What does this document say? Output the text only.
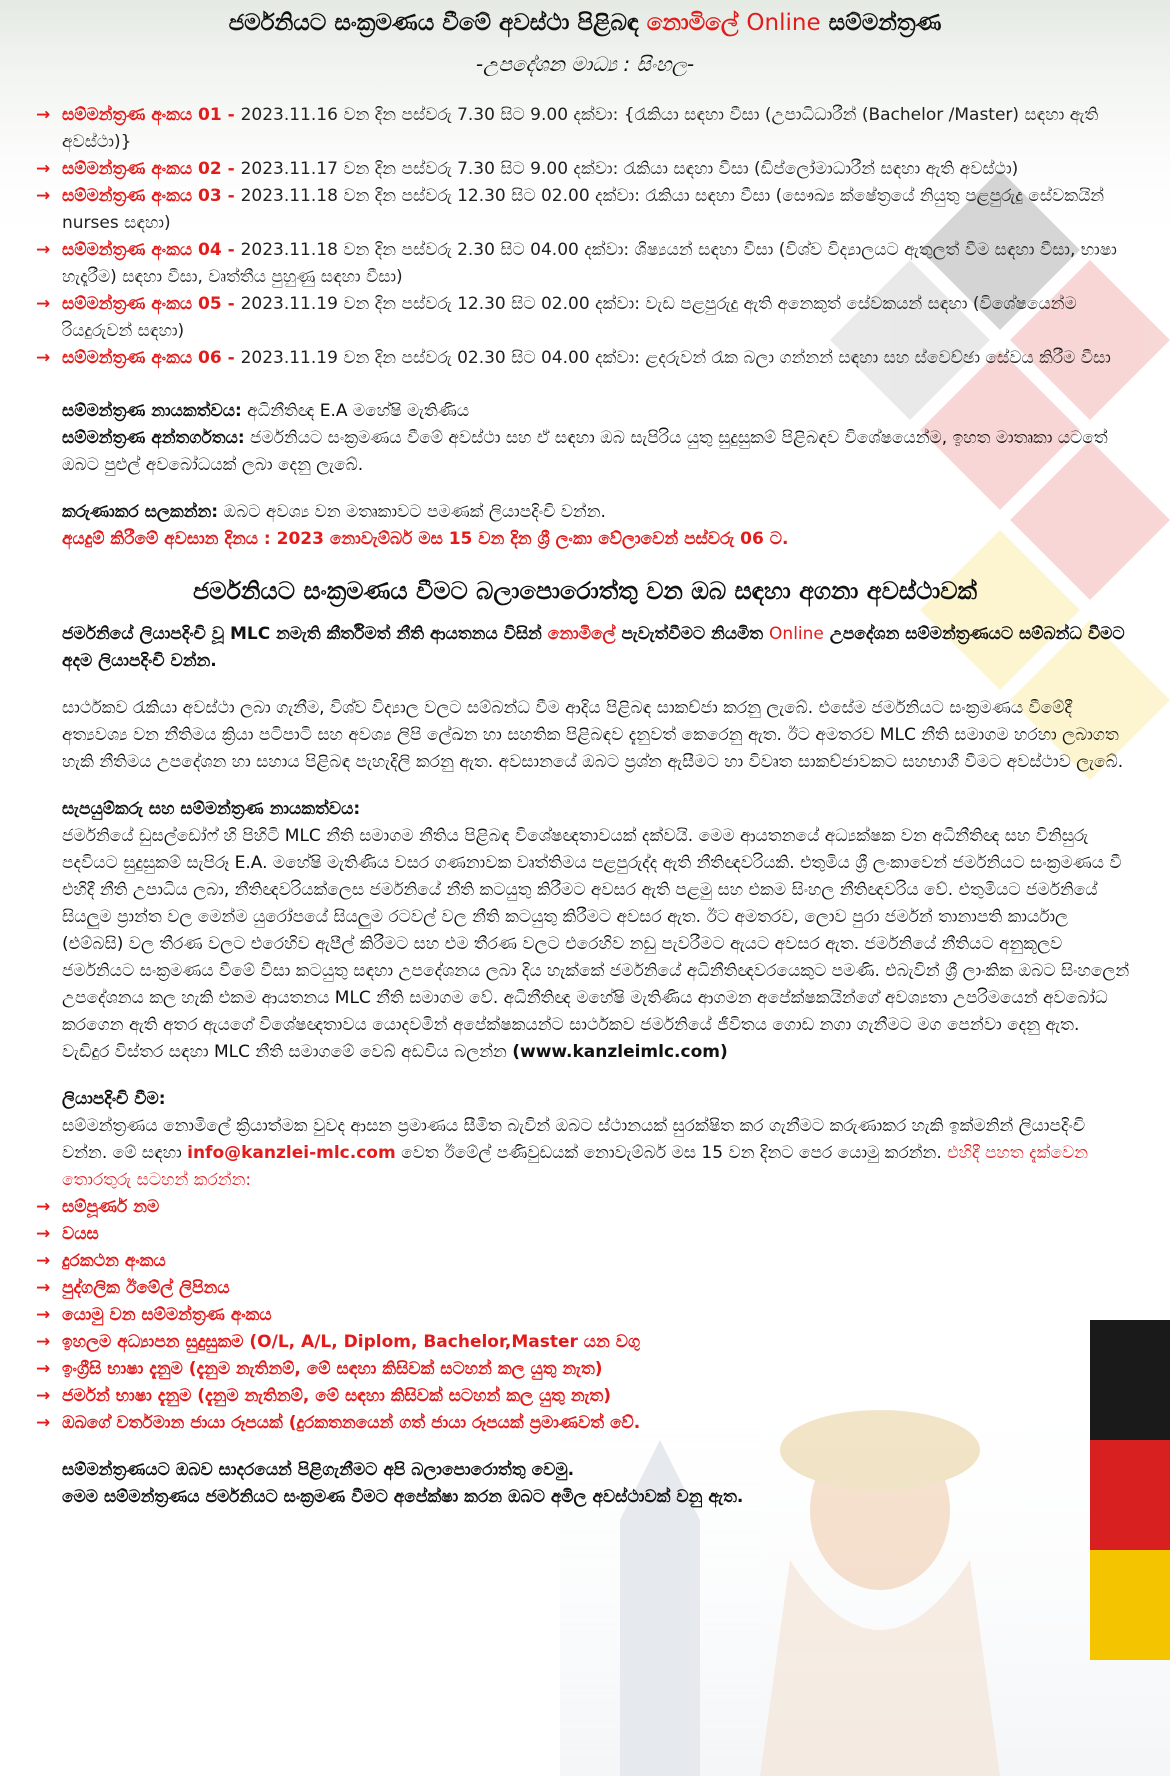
ජර්මනියට සංක්‍රමණය වීමේ අවස්ථා පිළිබඳ නොමිලේ Online සම්මන්ත්‍රණ
-උපදේශන මාධ්‍ය : සිංහල-
→ සම්මන්ත්‍රණ අංකය 01 - 2023.11.16 වන දින පස්වරු 7.30 සිට 9.00 දක්වා: {රැකියා සඳහා වීසා (උපාධිධාරීන් (Bachelor /Master) සඳහා ඇති අවස්ථා)}
→ සම්මන්ත්‍රණ අංකය 02 - 2023.11.17 වන දින පස්වරු 7.30 සිට 9.00 දක්වා: රැකියා සඳහා වීසා (ඩිප්ලෝමාධාරීන් සඳහා ඇති අවස්ථා)
→ සම්මන්ත්‍රණ අංකය 03 - 2023.11.18 වන දින පස්වරු 12.30 සිට 02.00 දක්වා: රැකියා සඳහා වීසා (සෞඛ්‍ය ක්ෂේත්‍රයේ නියුතු පළපුරුදු සේවකයින් nurses සඳහා)
→ සම්මන්ත්‍රණ අංකය 04 - 2023.11.18 වන දින පස්වරු 2.30 සිට 04.00 දක්වා: ශිෂ්‍යයන් සඳහා වීසා (විශ්ව විද්‍යාලයට ඇතුලත් වීම සඳහා වීසා, භාෂා හැදෑරීම) සඳහා වීසා, වෘත්තීය පුහුණු සඳහා වීසා)
→ සම්මන්ත්‍රණ අංකය 05 - 2023.11.19 වන දින පස්වරු 12.30 සිට 02.00 දක්වා: වැඩ පළපුරුදු ඇති අනෙකුත් සේවකයන් සඳහා (විශේෂයෙන්ම රියදුරුවන් සඳහා)
→ සම්මන්ත්‍රණ අංකය 06 - 2023.11.19 වන දින පස්වරු 02.30 සිට 04.00 දක්වා: ළදරුවන් රැක බලා ගන්නන් සඳහා සහ ස්වෙච්ඡා සේවය කිරීම වීසා
සම්මන්ත්‍රණ නායකත්වය: අධිනීතිඥ E.A මහේෂි මැතිණිය
සම්මන්ත්‍රණ අන්තර්ගතය: ජර්මනියට සංක්‍රමණය වීමේ අවස්ථා සහ ඒ සඳහා ඔබ සැපිරිය යුතු සුදුසුකම් පිළිබඳව විශේෂයෙන්ම, ඉහත මාතෘකා යටතේ ඔබට පුළුල් අවබෝධයක් ලබා දෙනු ලැබේ.
කරුණාකර සලකන්න: ඔබට අවශ්‍ය වන මතෘකාවට පමණක් ලියාපදිංචි වන්න.
අයදුම් කිරීමේ අවසාන දිනය : 2023 නොවැම්බර් මස 15 වන දින ශ්‍රී ලංකා වේලාවෙන් පස්වරු 06 ට.
ජර්මනියට සංක්‍රමණය වීමට බලාපොරොත්තු වන ඔබ සඳහා අගනා අවස්ථාවක්
ජර්මනියේ ලියාපදිංචි වූ MLC නමැති කීර්තිමත් නීති ආයතනය විසින් නොමිලේ පැවැත්වීමට නියමිත Online උපදේශන සම්මන්ත්‍රණයට සම්බන්ධ වීමට අදම ලියාපදිංචි වන්න.
සාර්ථකව රැකියා අවස්ථා ලබා ගැනීම, විශ්ව විද්‍යාල වලට සම්බන්ධ වීම ආදිය පිළිබඳ සාකච්ජා කරනු ලැබේ. එසේම ජර්මනියට සංක්‍රමණය වීමේදී අත්‍යවශ්‍ය වන නීතිමය ක්‍රියා පටිපාටි සහ අවශ්‍ය ලිපි ලේඛන හා සහතික පිළිබඳව දැනුවත් කෙරෙනු ඇත. ඊට අමතරව MLC නීති සමාගම හරහා ලබාගත හැකි නීතිමය උපදේශන හා සහාය පිළිබඳ පැහැදිලි කරනු ඇත. අවසානයේ ඔබට ප්‍රශ්න ඇසීමට හා විවෘත සාකච්ජාවකට සහභාගී වීමට අවස්ථාව ලැබේ.
සැපයුම්කරු සහ සම්මන්ත්‍රණ නායකත්වය:
ජර්මනියේ ඩුසල්ඩෝෆ් හි පිහිටි MLC නීති සමාගම නීතිය පිළිබඳ විශේෂඥතාවයක් දක්වයි. මෙම ආයතනයේ අධ්‍යක්ෂක වන අධිනීතිඥ සහ විනිසුරු පදවියට සුදුසුකම් සැපිරූ E.A. මහේෂි මැතිණිය වසර ගණනාවක වෘත්තිමය පළපුරුද්ද ඇති නීතිඥවරියකි. එතුමිය ශ්‍රී ලංකාවෙන් ජර්මනියට සංක්‍රමණය වී එහිදී නීති උපාධිය ලබා, නීතිඥවරියක්ලෙස ජර්මනියේ නීති කටයුතු කිරීමට අවසර ඇති පළමු සහ එකම සිංහල නීතිඥවරිය වේ. එතුමියට ජර්මනියේ සියලුම ප්‍රාන්ත වල මෙන්ම යුරෝපයේ සියලුම රටවල් වල නීති කටයුතු කිරීමට අවසර ඇත. ඊට අමතරව, ලොව පුරා ජර්මන් තානාපති කාර්යාල (එම්බසි) වල තීරණ වලට එරෙහිව ඇපීල් කිරීමට සහ එම තීරණ වලට එරෙහිව නඩු පැවරීමට ඇයට අවසර ඇත. ජර්මනියේ නීතියට අනුකූලව ජර්මනියට සංක්‍රමණය වීමේ වීසා කටයුතු සඳහා උපදේශනය ලබා දිය හැක්කේ ජර්මනියේ අධිනීතිඥවරයෙකුට පමණි. එබැවින් ශ්‍රී ලාංකික ඔබට සිංහලෙන් උපදේශනය කල හැකි එකම ආයතනය MLC නීති සමාගම වේ. අධිනීතිඥ මහේෂි මැතිණිය ආගමන අපේක්ෂකයින්ගේ අවශ්‍යතා උපරිමයෙන් අවබෝධ කරගෙන ඇති අතර ඇයගේ විශේෂඥතාවය යොදවමින් අපේක්ෂකයන්ට සාර්ථකව ජර්මනියේ ජීවිතය ගොඩ නගා ගැනීමට මග පෙන්වා දෙනු ඇත. වැඩිදුර විස්තර සඳහා MLC නීති සමාගමේ වෙබ් අඩවිය බලන්න (www.kanzleimlc.com)
ලියාපදිංචි වීම:
සම්මන්ත්‍රණය නොමිලේ ක්‍රියාත්මක වුවද ආසන ප්‍රමාණය සීමිත බැවින් ඔබට ස්ථානයක් සුරක්ෂිත කර ගැනීමට කරුණාකර හැකි ඉක්මනින් ලියාපදිංචි වන්න. මේ සඳහා info@kanzlei-mlc.com වෙත ඊමේල් පණිවුඩයක් නොවැම්බර් මස 15 වන දිනට පෙර යොමු කරන්න. එහිදී පහත දැක්වෙන තොරතුරු සටහන් කරන්න:
→ සම්පූර්ණ නම
→ වයස
→ දුරකථන අංකය
→ පුද්ගලික ඊමේල් ලිපිනය
→ යොමු වන සම්මන්ත්‍රණ අංකය
→ ඉහලම අධ්‍යාපන සුදුසුකම (O/L, A/L, Diplom, Bachelor,Master යන වගු
→ ඉංග්‍රීසි භාෂා දැනුම (දැනුම නැතිනම්, මේ සඳහා කිසිවක් සටහන් කල යුතු නැත)
→ ජර්මන් භාෂා දැනුම (දැනුම නැතිනම්, මේ සඳහා කිසිවක් සටහන් කල යුතු නැත)
→ ඔබගේ වර්තමාන ජායා රූපයක් (දුරකතනයෙන් ගත් ජායා රූපයක් ප්‍රමාණවත් වේ.
සම්මන්ත්‍රණයට ඔබව සාදරයෙන් පිළිගැනීමට අපි බලාපොරොත්තු වෙමු.
මෙම සම්මන්ත්‍රණය ජර්මනියට සංක්‍රමණ වීමට අපේක්ෂා කරන ඔබට අමිල අවස්ථාවක් වනු ඇත.
